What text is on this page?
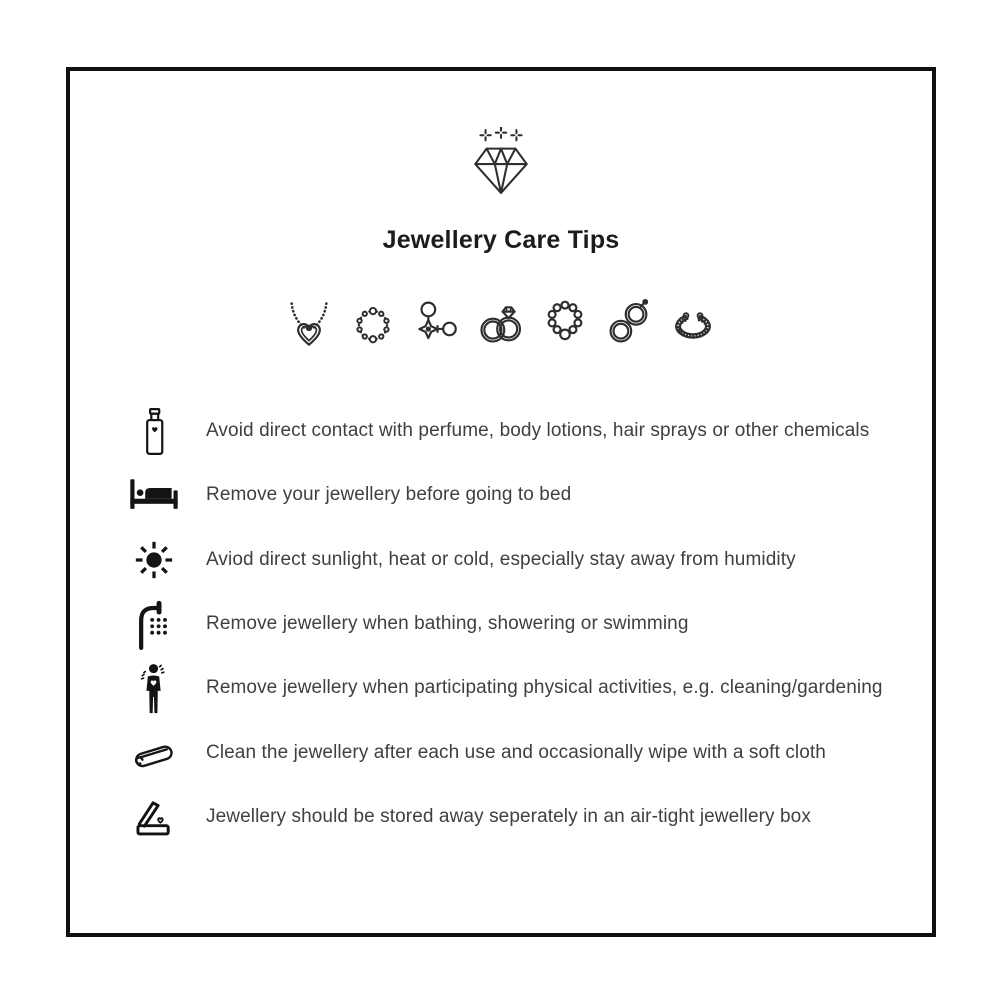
Jewellery Care Tips
Avoid direct contact with perfume, body lotions, hair sprays or other chemicals
Remove your jewellery before going to bed
Aviod direct sunlight, heat or cold, especially stay away from humidity
Remove jewellery when bathing, showering or swimming
Remove jewellery when participating physical activities, e.g. cleaning/gardening
Clean the jewellery after each use and occasionally wipe with a soft cloth
Jewellery should be stored away seperately in an air-tight jewellery box
